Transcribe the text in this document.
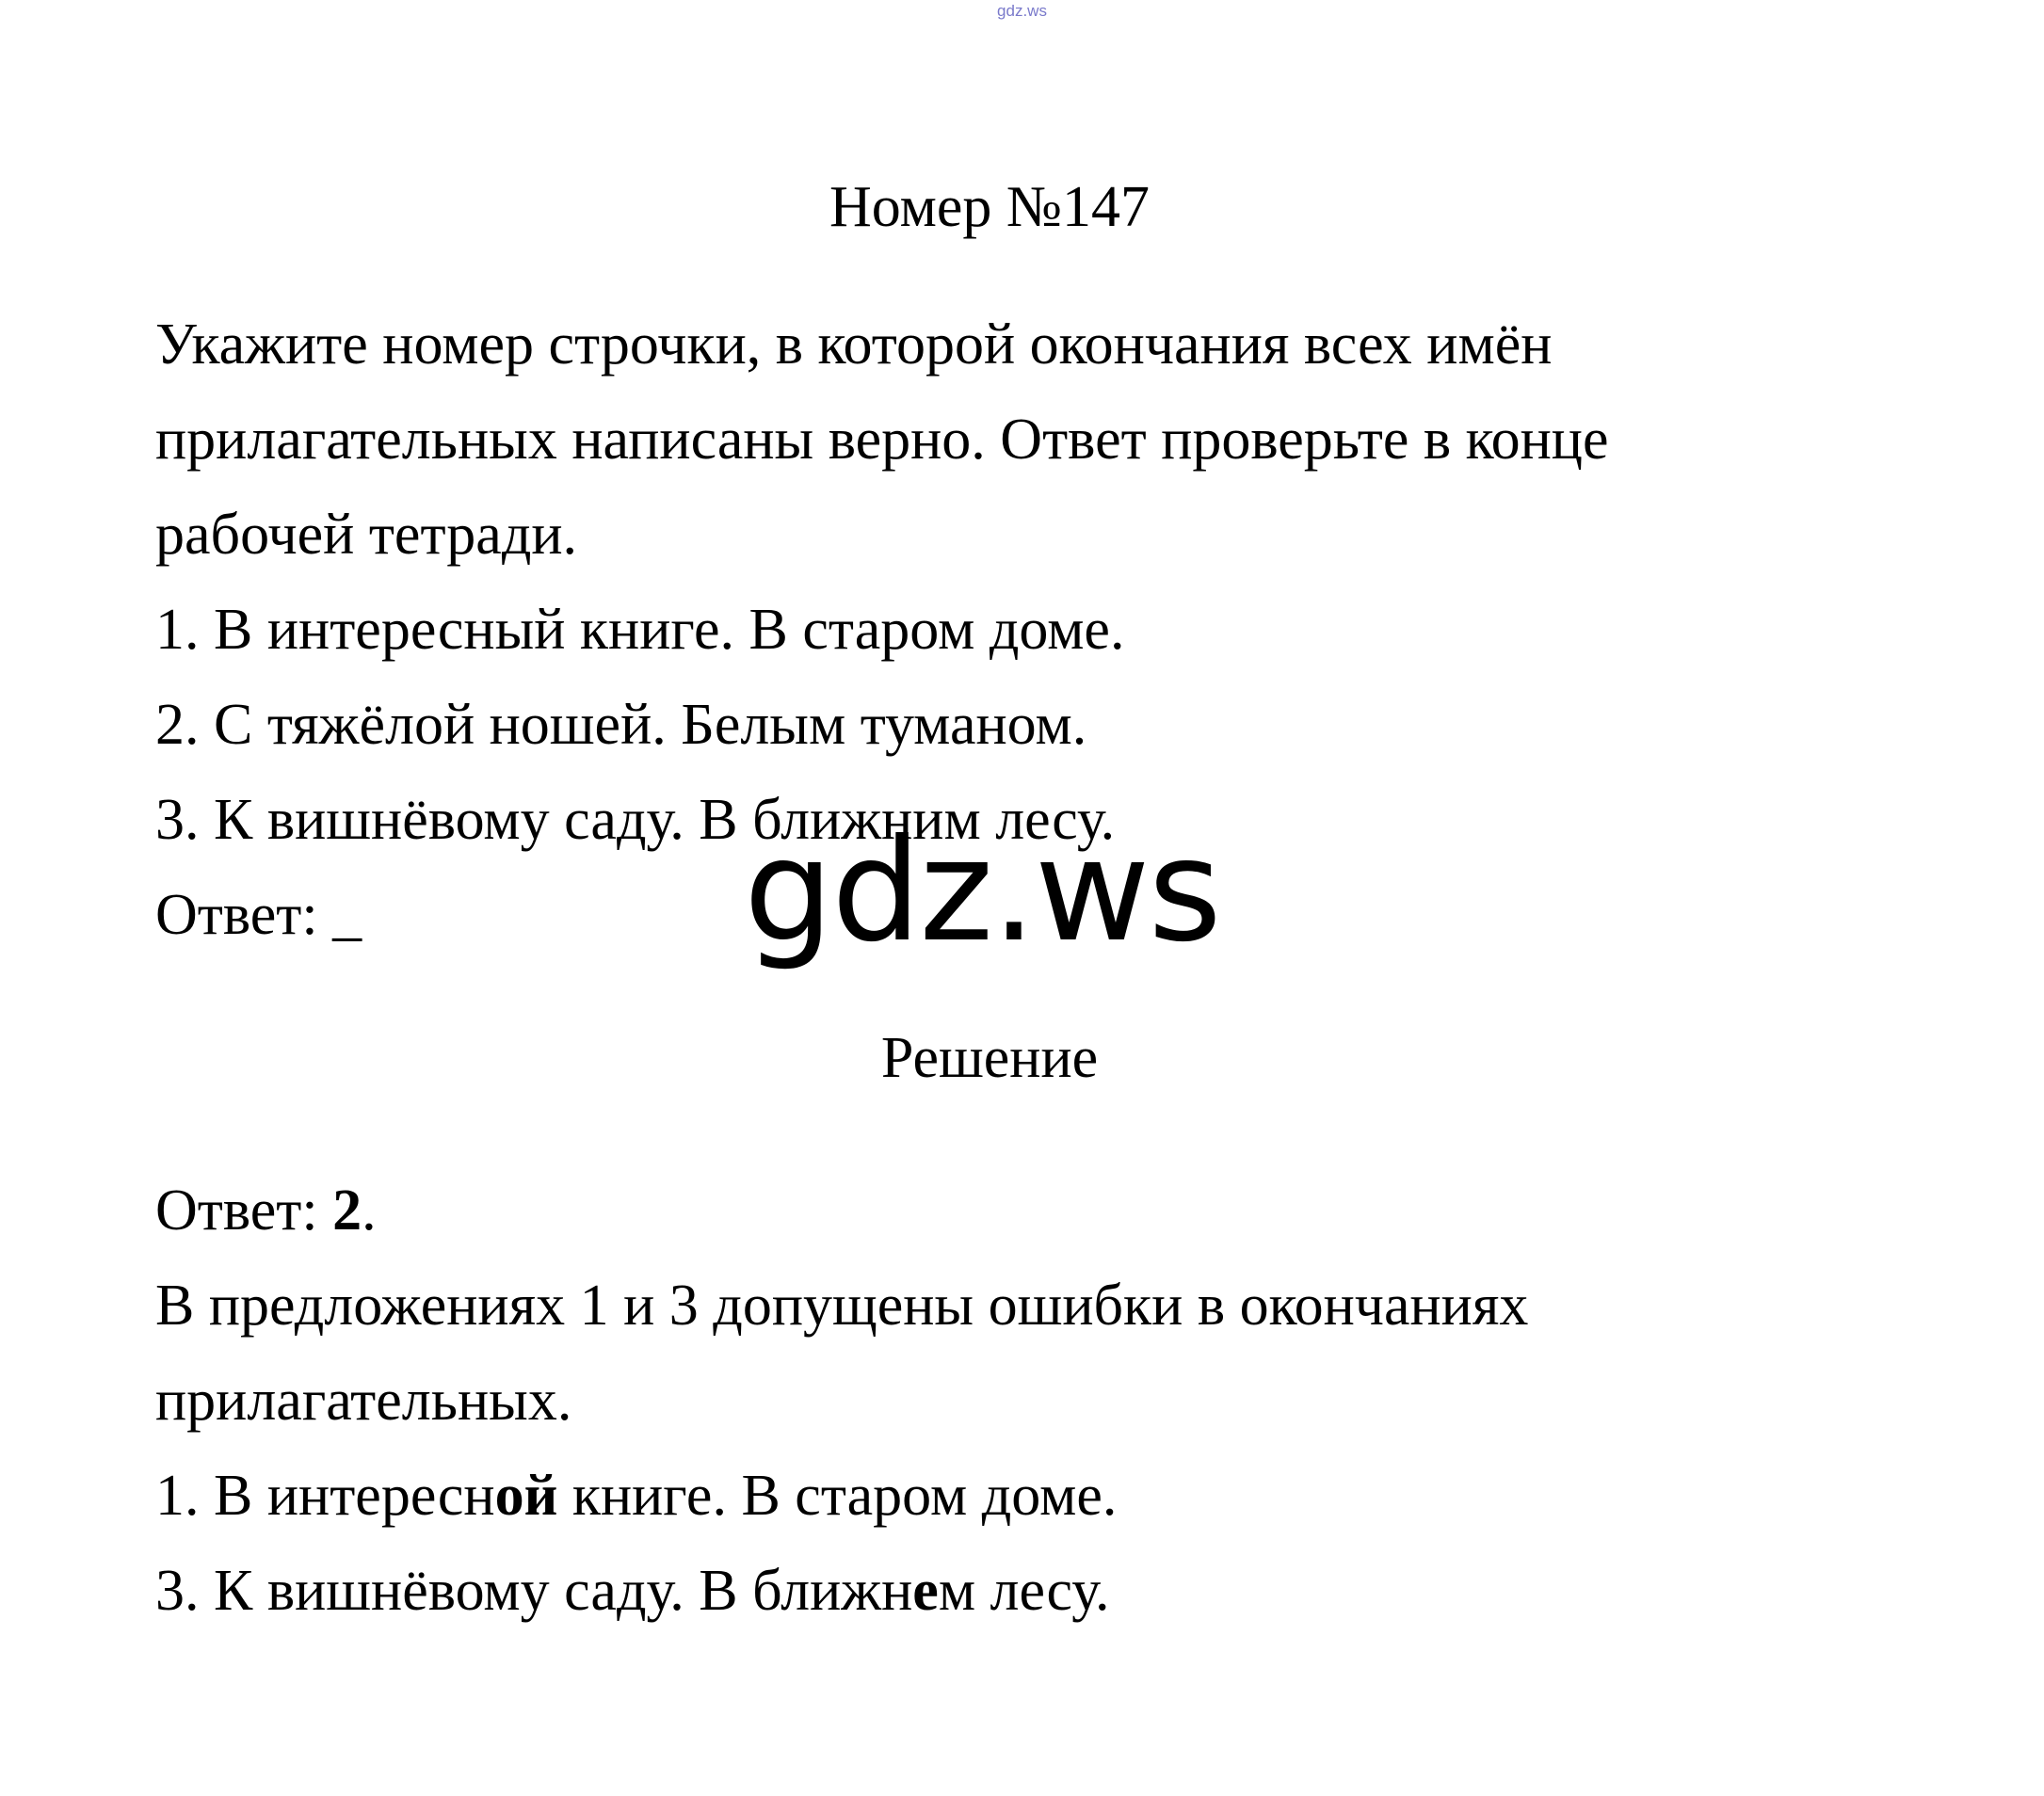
gdz.ws
Номер №147

Укажите номер строчки, в которой окончания всех имён

прилагательных написаны верно. Ответ проверьте в конце

рабочей тетради.

1. В интересный книге. В старом доме.

2. С тяжёлой ношей. Белым туманом.

3. К вишнёвому саду. В ближним лесу.

Ответ: _	gdz.ws
Решение

Ответ: 2.

В предложениях 1 и 3 допущены ошибки в окончаниях

прилагательных.

1. В интересной книге. В старом доме.

3. К вишнёвому саду. В ближнем лесу.
